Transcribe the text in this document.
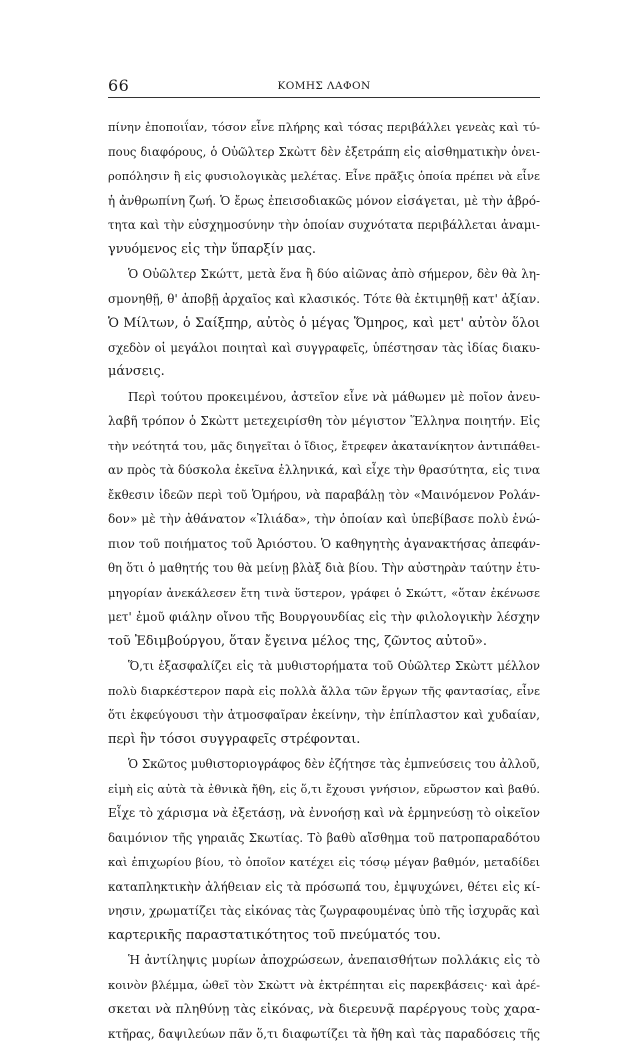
66	ΚΟΜΗΣ ΛΑΦΟΝ
πίνην ἐποποιΐαν, τόσον εἶνε πλήρης καὶ τόσας περιβάλλει γενεὰς καὶ τύ-
πους διαφόρους, ὁ Οὐῶλτερ Σκὼττ δὲν ἐξετράπη εἰς αἰσθηματικὴν ὀνει-
ροπόλησιν ἢ εἰς φυσιολογικὰς μελέτας. Εἶνε πρᾶξις ὁποία πρέπει νὰ εἶνε
ἡ ἀνθρωπίνη ζωή. Ὁ ἔρως ἐπεισοδιακῶς μόνον εἰσάγεται, μὲ τὴν ἁβρό-
τητα καὶ τὴν εὐσχημοσύνην τὴν ὁποίαν συχνότατα περιβάλλεται ἀναμι-
γνυόμενος εἰς τὴν ὕπαρξίν μας.
Ὁ Οὐῶλτερ Σκώττ, μετὰ ἕνα ἢ δύο αἰῶνας ἀπὸ σήμερον, δὲν θὰ λη-
σμονηθῇ, θ' ἀποβῇ ἀρχαῖος καὶ κλασικός. Τότε θὰ ἐκτιμηθῇ κατ' ἀξίαν.
Ὁ Μίλτων, ὁ Σαίξπηρ, αὐτὸς ὁ μέγας Ὅμηρος, καὶ μετ' αὐτὸν ὅλοι
σχεδὸν οἱ μεγάλοι ποιηταὶ καὶ συγγραφεῖς, ὑπέστησαν τὰς ἰδίας διακυ-
μάνσεις.
Περὶ τούτου προκειμένου, ἀστεῖον εἶνε νὰ μάθωμεν μὲ ποῖον ἀνευ-
λαβῆ τρόπον ὁ Σκὼττ μετεχειρίσθη τὸν μέγιστον Ἕλληνα ποιητήν. Εἰς
τὴν νεότητά του, μᾶς διηγεῖται ὁ ἴδιος, ἔτρεφεν ἀκατανίκητον ἀντιπάθει-
αν πρὸς τὰ δύσκολα ἐκεῖνα ἑλληνικά, καὶ εἶχε τὴν θρασύτητα, εἰς τινα
ἔκθεσιν ἰδεῶν περὶ τοῦ Ὁμήρου, νὰ παραβάλῃ τὸν «Μαινόμενον Ρολάν-
δον» μὲ τὴν ἀθάνατον «Ἰλιάδα», τὴν ὁποίαν καὶ ὑπεβίβασε πολὺ ἐνώ-
πιον τοῦ ποιήματος τοῦ Ἀριόστου. Ὁ καθηγητὴς ἀγανακτήσας ἀπεφάν-
θη ὅτι ὁ μαθητής του θὰ μείνῃ βλὰξ διὰ βίου. Τὴν αὐστηρὰν ταύτην ἐτυ-
μηγορίαν ἀνεκάλεσεν ἔτη τινὰ ὕστερον, γράφει ὁ Σκώττ, «ὅταν ἐκένωσε
μετ' ἐμοῦ φιάλην οἴνου τῆς Βουργουνδίας εἰς τὴν φιλολογικὴν λέσχην
τοῦ Ἐδιμβούργου, ὅταν ἔγεινα μέλος της, ζῶντος αὐτοῦ».
Ὅ,τι ἐξασφαλίζει εἰς τὰ μυθιστορήματα τοῦ Οὐῶλτερ Σκὼττ μέλλον
πολὺ διαρκέστερον παρὰ εἰς πολλὰ ἄλλα τῶν ἔργων τῆς φαντασίας, εἶνε
ὅτι ἐκφεύγουσι τὴν ἀτμοσφαῖραν ἐκείνην, τὴν ἐπίπλαστον καὶ χυδαίαν,
περὶ ἣν τόσοι συγγραφεῖς στρέφονται.
Ὁ Σκῶτος μυθιστοριογράφος δὲν ἐζήτησε τὰς ἐμπνεύσεις του ἀλλοῦ,
εἰμὴ εἰς αὐτὰ τὰ ἐθνικὰ ἤθη, εἰς ὅ,τι ἔχουσι γνήσιον, εὔρωστον καὶ βαθύ.
Εἶχε τὸ χάρισμα νὰ ἐξετάσῃ, νὰ ἐννοήσῃ καὶ νὰ ἑρμηνεύσῃ τὸ οἰκεῖον
δαιμόνιον τῆς γηραιᾶς Σκωτίας. Τὸ βαθὺ αἴσθημα τοῦ πατροπαραδότου
καὶ ἐπιχωρίου βίου, τὸ ὁποῖον κατέχει εἰς τόσῳ μέγαν βαθμόν, μεταδίδει
καταπληκτικὴν ἀλήθειαν εἰς τὰ πρόσωπά του, ἐμψυχώνει, θέτει εἰς κί-
νησιν, χρωματίζει τὰς εἰκόνας τὰς ζωγραφουμένας ὑπὸ τῆς ἰσχυρᾶς καὶ
καρτερικῆς παραστατικότητος τοῦ πνεύματός του.
Ἡ ἀντίληψις μυρίων ἀποχρώσεων, ἀνεπαισθήτων πολλάκις εἰς τὸ
κοινὸν βλέμμα, ὠθεῖ τὸν Σκὼττ νὰ ἐκτρέπηται εἰς παρεκβάσεις· καὶ ἀρέ-
σκεται νὰ πληθύνῃ τὰς εἰκόνας, νὰ διερευνᾷ παρέργους τοὺς χαρα-
κτῆρας, δαψιλεύων πᾶν ὅ,τι διαφωτίζει τὰ ἤθη καὶ τὰς παραδόσεις τῆς
